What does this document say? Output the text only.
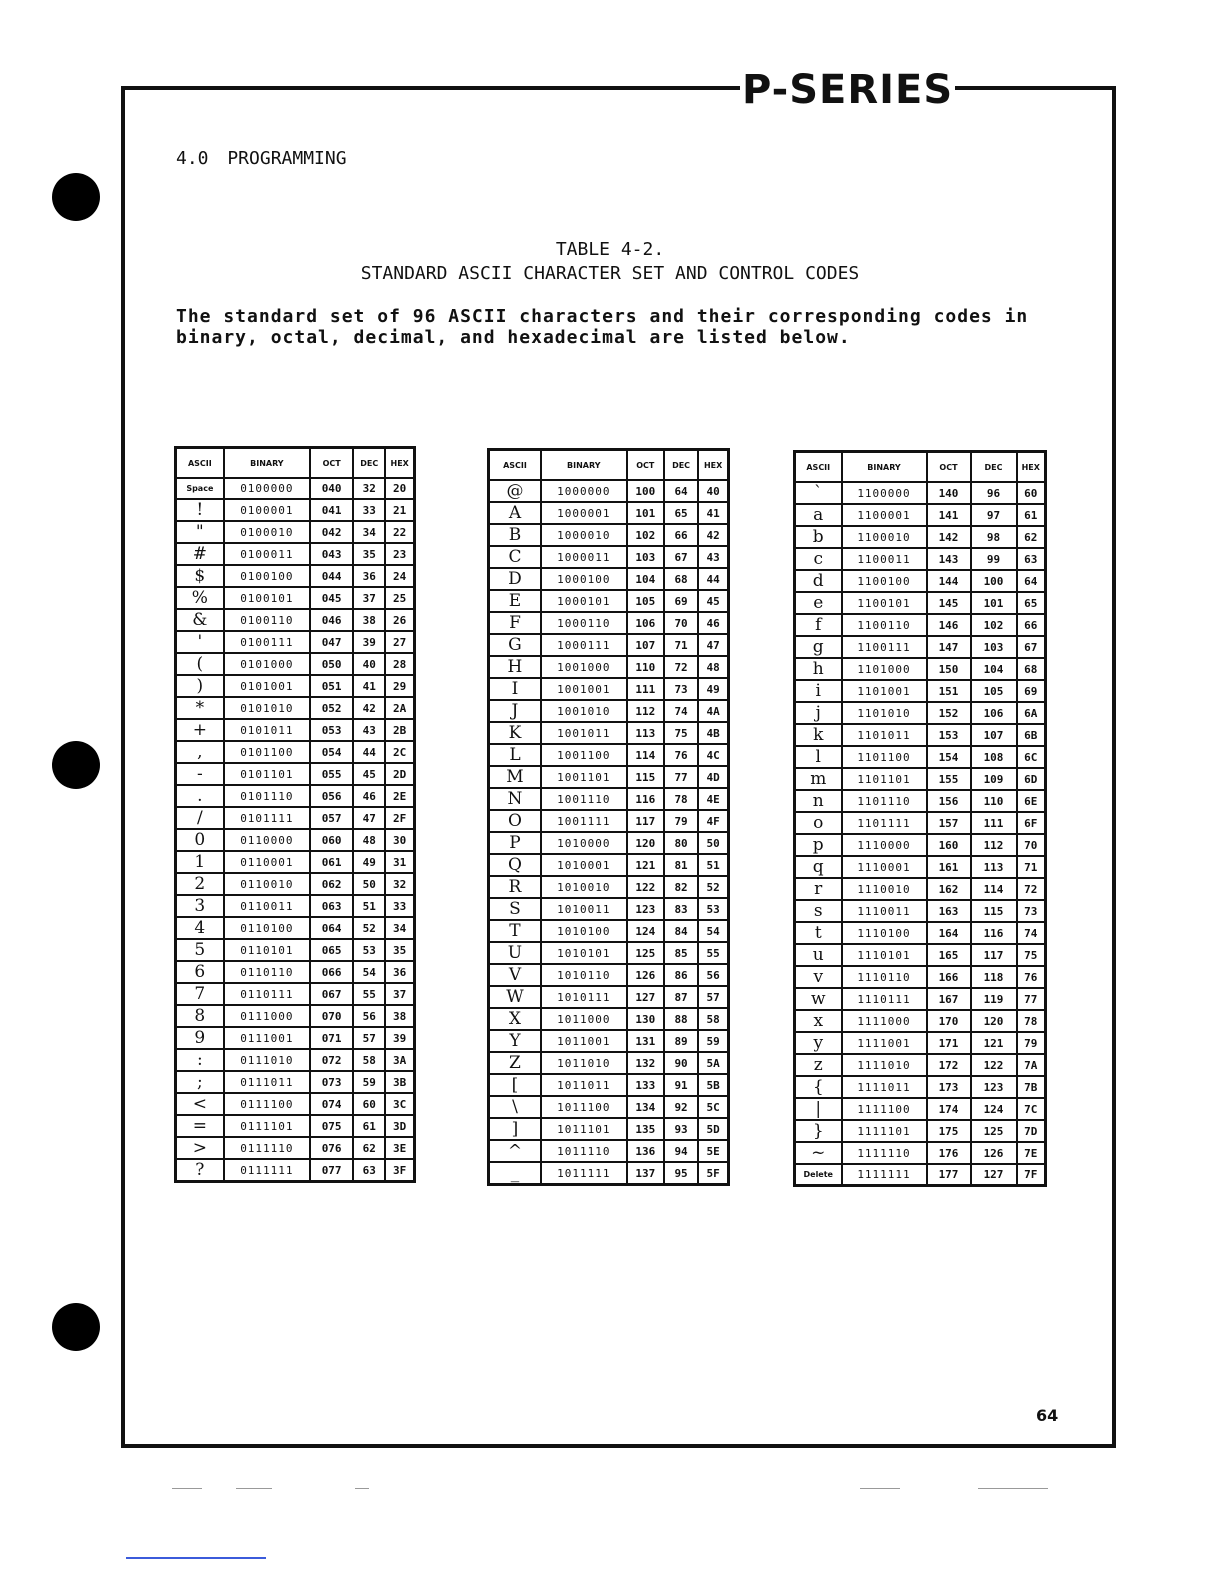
P-SERIES
4.0 PROGRAMMING
TABLE 4-2.
STANDARD ASCII CHARACTER SET AND CONTROL CODES

The standard set of 96 ASCII characters and their corresponding codes in binary, octal, decimal, and hexadecimal are listed below.

ASCII	BINARY	OCT	DEC	HEX
Space	0100000	040	32	20
!	0100001	041	33	21
"	0100010	042	34	22
#	0100011	043	35	23
$	0100100	044	36	24
%	0100101	045	37	25
&	0100110	046	38	26
'	0100111	047	39	27
(	0101000	050	40	28
)	0101001	051	41	29
*	0101010	052	42	2A
+	0101011	053	43	2B
,	0101100	054	44	2C
-	0101101	055	45	2D
.	0101110	056	46	2E
/	0101111	057	47	2F
0	0110000	060	48	30
1	0110001	061	49	31
2	0110010	062	50	32
3	0110011	063	51	33
4	0110100	064	52	34
5	0110101	065	53	35
6	0110110	066	54	36
7	0110111	067	55	37
8	0111000	070	56	38
9	0111001	071	57	39
:	0111010	072	58	3A
;	0111011	073	59	3B
<	0111100	074	60	3C
=	0111101	075	61	3D
>	0111110	076	62	3E
?	0111111	077	63	3F
ASCII	BINARY	OCT	DEC	HEX
@	1000000	100	64	40
A	1000001	101	65	41
B	1000010	102	66	42
C	1000011	103	67	43
D	1000100	104	68	44
E	1000101	105	69	45
F	1000110	106	70	46
G	1000111	107	71	47
H	1001000	110	72	48
I	1001001	111	73	49
J	1001010	112	74	4A
K	1001011	113	75	4B
L	1001100	114	76	4C
M	1001101	115	77	4D
N	1001110	116	78	4E
O	1001111	117	79	4F
P	1010000	120	80	50
Q	1010001	121	81	51
R	1010010	122	82	52
S	1010011	123	83	53
T	1010100	124	84	54
U	1010101	125	85	55
V	1010110	126	86	56
W	1010111	127	87	57
X	1011000	130	88	58
Y	1011001	131	89	59
Z	1011010	132	90	5A
[	1011011	133	91	5B
\	1011100	134	92	5C
]	1011101	135	93	5D
^	1011110	136	94	5E
_	1011111	137	95	5F
ASCII	BINARY	OCT	DEC	HEX
`	1100000	140	96	60
a	1100001	141	97	61
b	1100010	142	98	62
c	1100011	143	99	63
d	1100100	144	100	64
e	1100101	145	101	65
f	1100110	146	102	66
g	1100111	147	103	67
h	1101000	150	104	68
i	1101001	151	105	69
j	1101010	152	106	6A
k	1101011	153	107	6B
l	1101100	154	108	6C
m	1101101	155	109	6D
n	1101110	156	110	6E
o	1101111	157	111	6F
p	1110000	160	112	70
q	1110001	161	113	71
r	1110010	162	114	72
s	1110011	163	115	73
t	1110100	164	116	74
u	1110101	165	117	75
v	1110110	166	118	76
w	1110111	167	119	77
x	1111000	170	120	78
y	1111001	171	121	79
z	1111010	172	122	7A
{	1111011	173	123	7B
|	1111100	174	124	7C
}	1111101	175	125	7D
~	1111110	176	126	7E
Delete	1111111	177	127	7F
64
